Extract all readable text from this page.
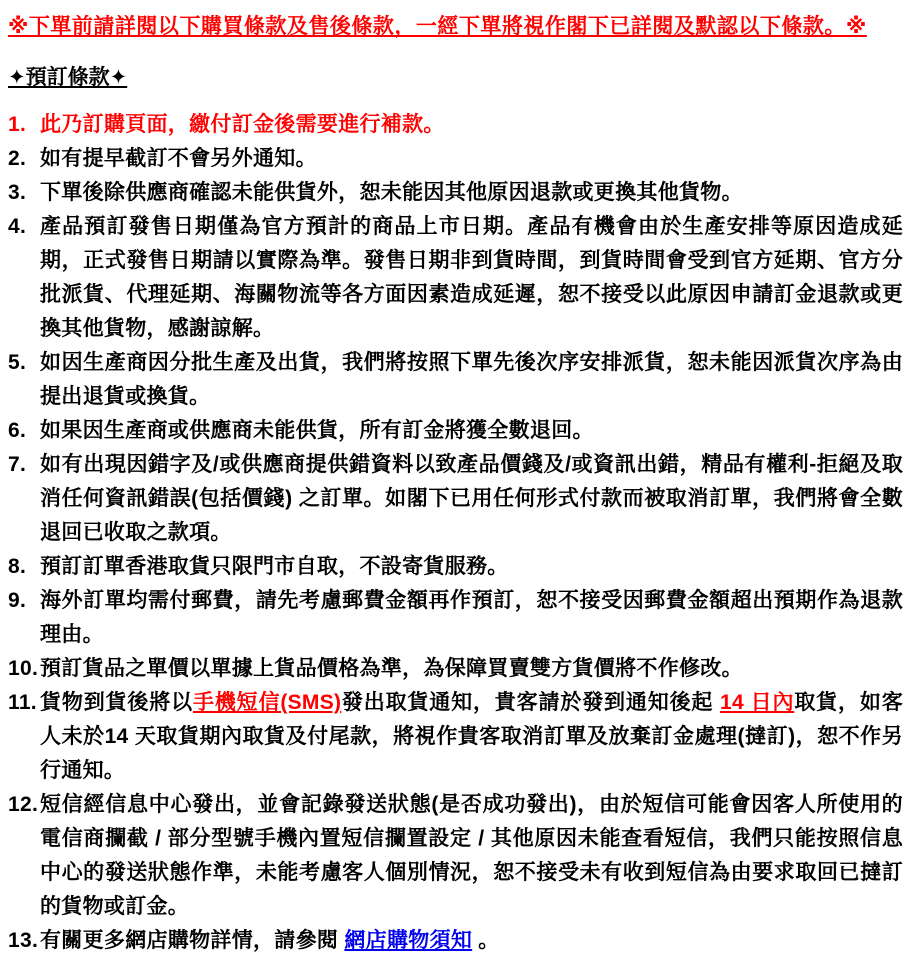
※下單前請詳閱以下購買條款及售後條款，一經下單將視作閣下已詳閱及默認以下條款。※
✦預訂條款✦
1. 此乃訂購頁面，繳付訂金後需要進行補款。
2. 如有提早截訂不會另外通知。
3. 下單後除供應商確認未能供貨外，恕未能因其他原因退款或更換其他貨物。
4. 產品預訂發售日期僅為官方預計的商品上市日期。產品有機會由於生產安排等原因造成延期，正式發售日期請以實際為準。發售日期非到貨時間，到貨時間會受到官方延期、官方分批派貨、代理延期、海關物流等各方面因素造成延遲，恕不接受以此原因申請訂金退款或更換其他貨物，感謝諒解。
5. 如因生產商因分批生產及出貨，我們將按照下單先後次序安排派貨，恕未能因派貨次序為由提出退貨或換貨。
6. 如果因生產商或供應商未能供貨，所有訂金將獲全數退回。
7. 如有出現因錯字及/或供應商提供錯資料以致產品價錢及/或資訊出錯，精品有權利-拒絕及取消任何資訊錯誤(包括價錢) 之訂單。如閣下已用任何形式付款而被取消訂單，我們將會全數退回已收取之款項。
8. 預訂訂單香港取貨只限門市自取，不設寄貨服務。
9. 海外訂單均需付郵費，請先考慮郵費金額再作預訂，恕不接受因郵費金額超出預期作為退款理由。
10. 預訂貨品之單價以單據上貨品價格為準，為保障買賣雙方貨價將不作修改。
11. 貨物到貨後將以手機短信(SMS)發出取貨通知，貴客請於發到通知後起 14 日內取貨，如客人未於14 天取貨期內取貨及付尾款，將視作貴客取消訂單及放棄訂金處理(撻訂)，恕不作另行通知。
12. 短信經信息中心發出，並會記錄發送狀態(是否成功發出)，由於短信可能會因客人所使用的電信商攔截 / 部分型號手機內置短信攔置設定 / 其他原因未能查看短信，我們只能按照信息中心的發送狀態作準，未能考慮客人個別情況，恕不接受未有收到短信為由要求取回已撻訂的貨物或訂金。
13. 有關更多網店購物詳情，請參閱 網店購物須知 。
